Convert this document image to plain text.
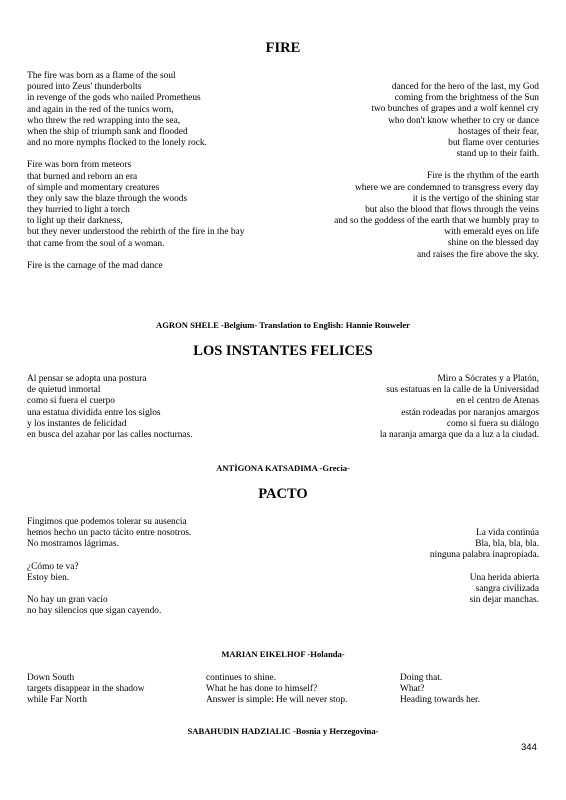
FIRE
The fire was born as a flame of the soul
poured into Zeus' thunderbolts
in revenge of the gods who nailed Prometheus
and again in the red of the tunics worn,
who threw the red wrapping into the sea,
when the ship of triumph sank and flooded
and no more nymphs flocked to the lonely rock.
Fire was born from meteors
that burned and reborn an era
of simple and momentary creatures
they only saw the blaze through the woods
they hurried to light a torch
to light up their darkness,
but they never understood the rebirth of the fire in the bay
that came from the soul of a woman.
Fire is the carnage of the mad dance
danced for the hero of the last, my God
coming from the brightness of the Sun
two bunches of grapes and a wolf kennel cry
who don't know whether to cry or dance
hostages of their fear,
but flame over centuries
stand up to their faith.
Fire is the rhythm of the earth
where we are condemned to transgress every day
it is the vertigo of the shining star
but also the blood that flows through the veins
and so the goddess of the earth that we humbly pray to
with emerald eyes on life
shine on the blessed day
and raises the fire above the sky.
AGRON SHELE -Belgium- Translation to English: Hannie Rouweler
LOS INSTANTES FELICES
Al pensar se adopta una postura
de quietud inmortal
como si fuera el cuerpo
una estatua dividida entre los siglos
y los instantes de felicidad
en busca del azahar por las calles nocturnas.
Miro a Sócrates y a Platón,
sus estatuas en la calle de la Universidad
en el centro de Atenas
están rodeadas por naranjos amargos
como si fuera su diálogo
la naranja amarga que da a luz a la ciudad.
ANTÍGONA KATSADIMA -Grecia-
PACTO
Fingimos que podemos tolerar su ausencia
hemos hecho un pacto tácito entre nosotros.
No mostramos lágrimas.
¿Cómo te va?
Estoy bien.
No hay un gran vacío
no hay silencios que sigan cayendo.
La vida continúa
Bla, bla, bla, bla.
ninguna palabra inapropiada.
Una herida abierta
sangra civilizada
sin dejar manchas.
MARIAN EIKELHOF -Holanda-
Down South
targets disappear in the shadow
while Far North
continues to shine.
What he has done to himself?
Answer is simple: He will never stop.
Doing that.
What?
Heading towards her.
SABAHUDIN HADZIALIC -Bosnia y Herzegovina-
344
